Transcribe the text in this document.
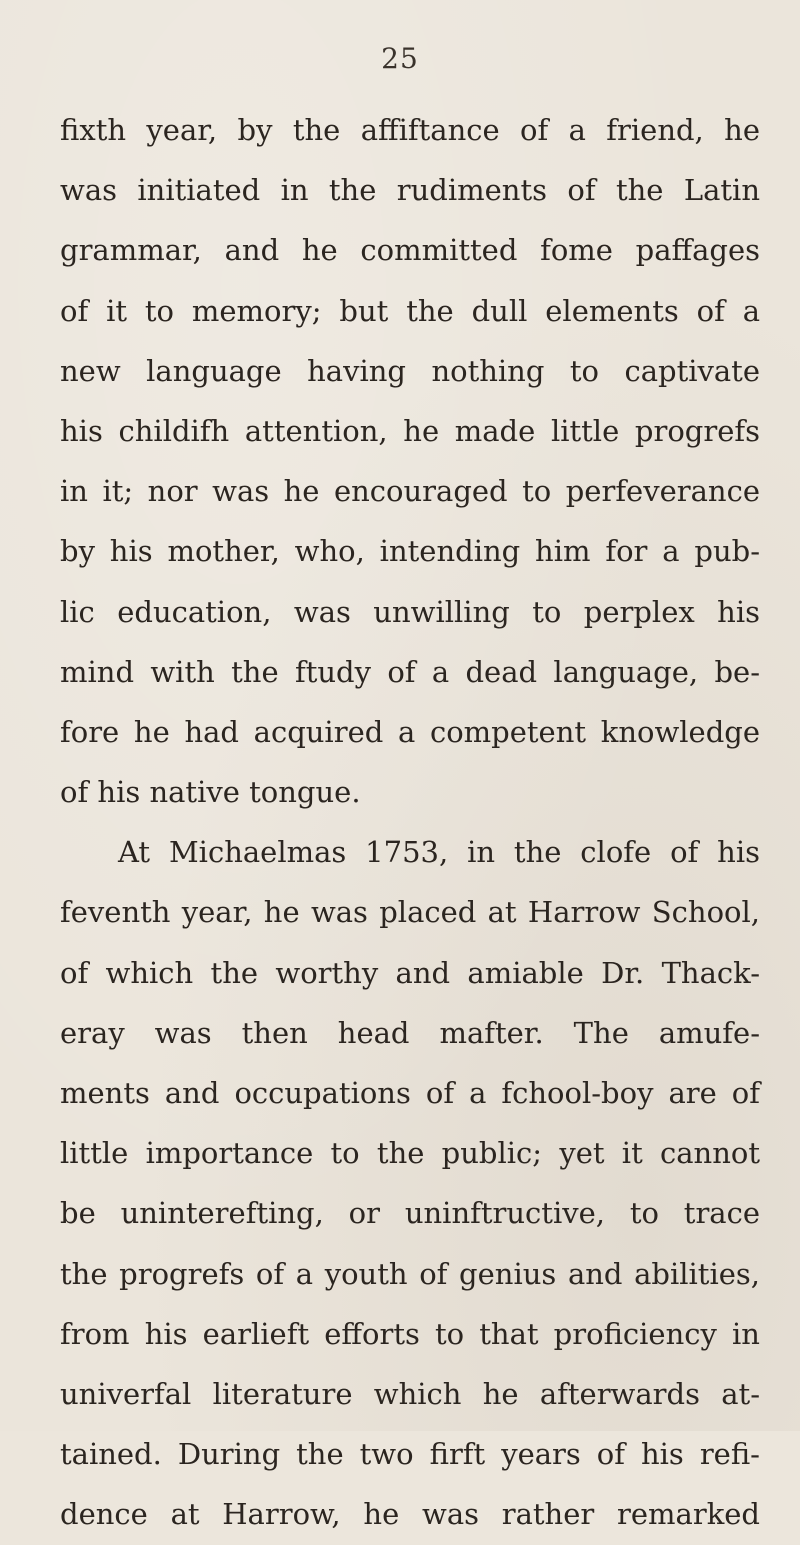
25
fixth year, by the affiftance of a friend, he
was initiated in the rudiments of the Latin
grammar, and he committed fome paffages
of it to memory; but the dull elements of a
new language having nothing to captivate
his childifh attention, he made little progrefs
in it; nor was he encouraged to perfeverance
by his mother, who, intending him for a pub-
lic education, was unwilling to perplex his
mind with the ftudy of a dead language, be-
fore he had acquired a competent knowledge
of his native tongue.
At Michaelmas 1753, in the clofe of his
feventh year, he was placed at Harrow School,
of which the worthy and amiable Dr. Thack-
eray was then head mafter. The amufe-
ments and occupations of a fchool-boy are of
little importance to the public; yet it cannot
be uninterefting, or uninftructive, to trace
the progrefs of a youth of genius and abilities,
from his earlieft efforts to that proficiency in
univerfal literature which he afterwards at-
tained. During the two firft years of his refi-
dence at Harrow, he was rather remarked
